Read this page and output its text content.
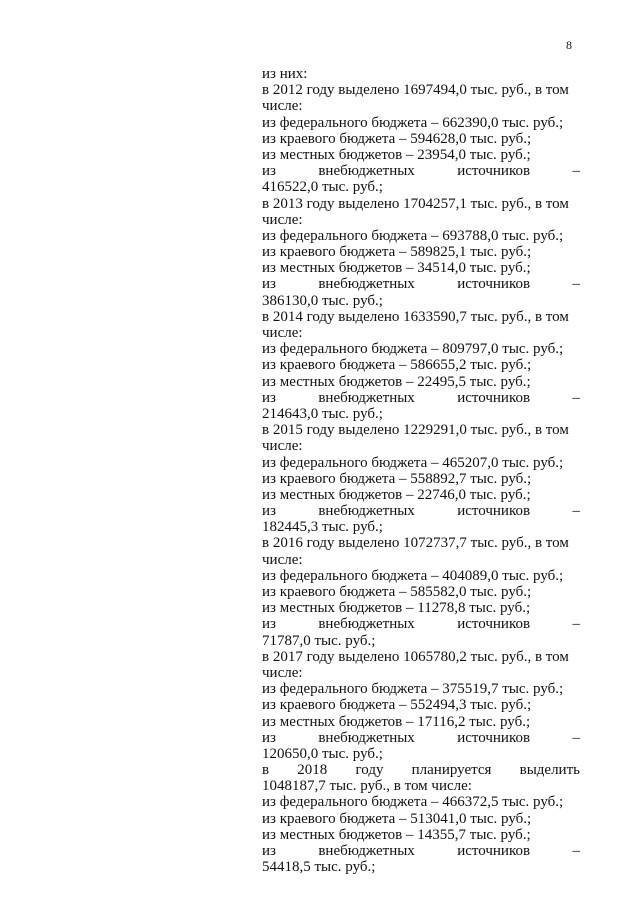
8
из них:
в 2012 году выделено 1697494,0 тыс. руб., в том
числе:
из федерального бюджета – 662390,0 тыс. руб.;
из краевого бюджета – 594628,0 тыс. руб.;
из местных бюджетов – 23954,0 тыс. руб.;
из	внебюджетных	источников	–
416522,0 тыс. руб.;
в 2013 году выделено 1704257,1 тыс. руб., в том
числе:
из федерального бюджета – 693788,0 тыс. руб.;
из краевого бюджета – 589825,1 тыс. руб.;
из местных бюджетов – 34514,0 тыс. руб.;
из	внебюджетных	источников	–
386130,0 тыс. руб.;
в 2014 году выделено 1633590,7 тыс. руб., в том
числе:
из федерального бюджета – 809797,0 тыс. руб.;
из краевого бюджета – 586655,2 тыс. руб.;
из местных бюджетов – 22495,5 тыс. руб.;
из	внебюджетных	источников	–
214643,0 тыс. руб.;
в 2015 году выделено 1229291,0 тыс. руб., в том
числе:
из федерального бюджета – 465207,0 тыс. руб.;
из краевого бюджета – 558892,7 тыс. руб.;
из местных бюджетов – 22746,0 тыс. руб.;
из	внебюджетных	источников	–
182445,3 тыс. руб.;
в 2016 году выделено 1072737,7 тыс. руб., в том
числе:
из федерального бюджета – 404089,0 тыс. руб.;
из краевого бюджета – 585582,0 тыс. руб.;
из местных бюджетов – 11278,8 тыс. руб.;
из	внебюджетных	источников	–
71787,0 тыс. руб.;
в 2017 году выделено 1065780,2 тыс. руб., в том
числе:
из федерального бюджета – 375519,7 тыс. руб.;
из краевого бюджета – 552494,3 тыс. руб.;
из местных бюджетов – 17116,2 тыс. руб.;
из	внебюджетных	источников	–
120650,0 тыс. руб.;
в 2018 году планируется выделить
1048187,7 тыс. руб., в том числе:
из федерального бюджета – 466372,5 тыс. руб.;
из краевого бюджета – 513041,0 тыс. руб.;
из местных бюджетов – 14355,7 тыс. руб.;
из	внебюджетных	источников	–
54418,5 тыс. руб.;
